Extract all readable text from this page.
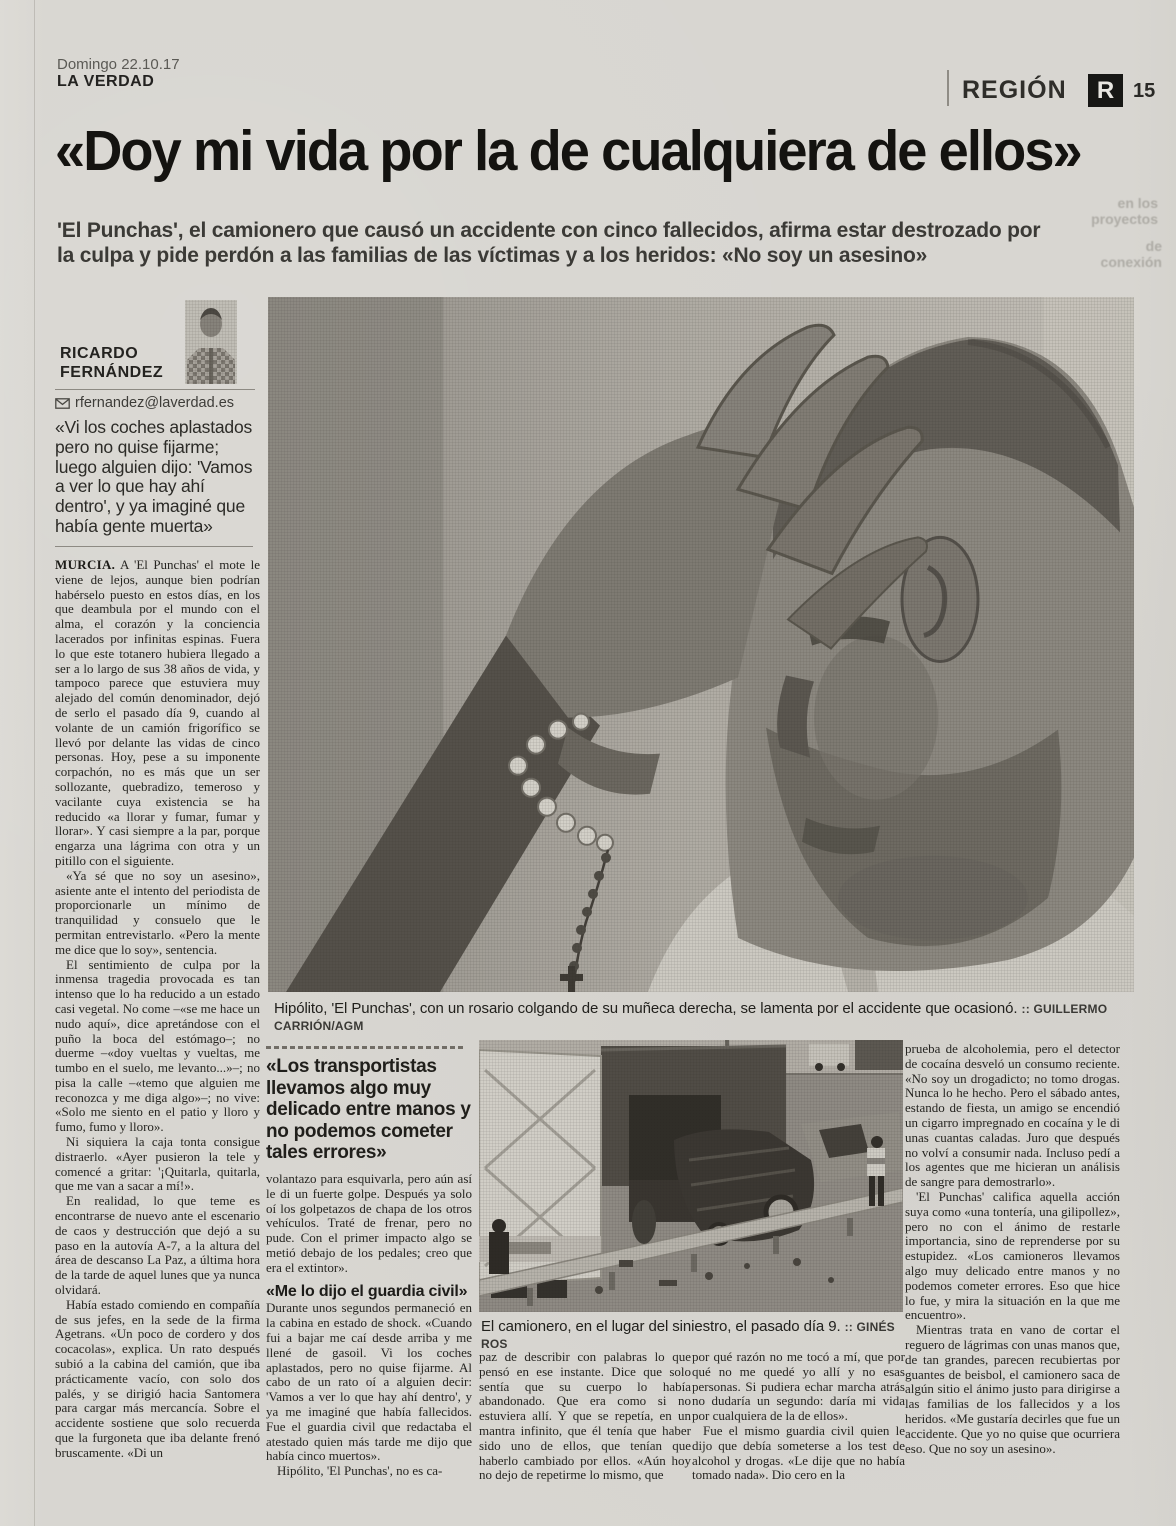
Domingo 22.10.17
LA VERDAD	REGIÓN	R 15
en los proyectos
de conexión
«Doy mi vida por la de cualquiera de ellos»

'El Punchas', el camionero que causó un accidente con cinco fallecidos, afirma estar destrozado por la culpa y pide perdón a las familias de las víctimas y a los heridos: «No soy un asesino»

RICARDO FERNÁNDEZ
rfernandez@laverdad.es
«Vi los coches aplastados pero no quise fijarme; luego alguien dijo: 'Vamos a ver lo que hay ahí dentro', y ya imaginé que había gente muerta»

MURCIA. A 'El Punchas' el mote le viene de lejos, aunque bien podrían habérselo puesto en estos días, en los que deambula por el mundo con el alma, el corazón y la conciencia lacerados por infinitas espinas. Fuera lo que este totanero hubiera llegado a ser a lo largo de sus 38 años de vida, y tampoco parece que estuviera muy alejado del común denominador, dejó de serlo el pasado día 9, cuando al volante de un camión frigorífico se llevó por delante las vidas de cinco personas. Hoy, pese a su imponente corpachón, no es más que un ser sollozante, quebradizo, temeroso y vacilante cuya existencia se ha reducido «a llorar y fumar, fumar y llorar». Y casi siempre a la par, porque engarza una lágrima con otra y un pitillo con el siguiente.

«Ya sé que no soy un asesino», asiente ante el intento del periodista de proporcionarle un mínimo de tranquilidad y consuelo que le permitan entrevistarlo. «Pero la mente me dice que lo soy», sentencia.

El sentimiento de culpa por la inmensa tragedia provocada es tan intenso que lo ha reducido a un estado casi vegetal. No come –«se me hace un nudo aquí», dice apretándose con el puño la boca del estómago–; no duerme –«doy vueltas y vueltas, me tumbo en el suelo, me levanto...»–; no pisa la calle –«temo que alguien me reconozca y me diga algo»–; no vive: «Solo me siento en el patio y lloro y fumo, fumo y lloro».

Ni siquiera la caja tonta consigue distraerlo. «Ayer pusieron la tele y comencé a gritar: '¡Quitarla, quitarla, que me van a sacar a mí!».

En realidad, lo que teme es encontrarse de nuevo ante el escenario de caos y destrucción que dejó a su paso en la autovía A-7, a la altura del área de descanso La Paz, a última hora de la tarde de aquel lunes que ya nunca olvidará.

Había estado comiendo en compañía de sus jefes, en la sede de la firma Agetrans. «Un poco de cordero y dos cocacolas», explica. Un rato después subió a la cabina del camión, que iba prácticamente vacío, con solo dos palés, y se dirigió hacia Santomera para cargar más mercancía. Sobre el accidente sostiene que solo recuerda que la furgoneta que iba delante frenó bruscamente. «Di un

Hipólito, 'El Punchas', con un rosario colgando de su muñeca derecha, se lamenta por el accidente que ocasionó. :: GUILLERMO CARRIÓN/AGM
«Los transportistas llevamos algo muy delicado entre manos y no podemos cometer tales errores»

volantazo para esquivarla, pero aún así le di un fuerte golpe. Después ya solo oí los golpetazos de chapa de los otros vehículos. Traté de frenar, pero no pude. Con el primer impacto algo se metió debajo de los pedales; creo que era el extintor».

«Me lo dijo el guardia civil»

Durante unos segundos permaneció en la cabina en estado de shock. «Cuando fui a bajar me caí desde arriba y me llené de gasoil. Vi los coches aplastados, pero no quise fijarme. Al cabo de un rato oí a alguien decir: 'Vamos a ver lo que hay ahí dentro', y ya me imaginé que había fallecidos. Fue el guardia civil que redactaba el atestado quien más tarde me dijo que había cinco muertos».

Hipólito, 'El Punchas', no es ca-

El camionero, en el lugar del siniestro, el pasado día 9. :: GINÉS ROS

paz de describir con palabras lo que pensó en ese instante. Dice que solo sentía que su cuerpo lo había abandonado. Que era como si no estuviera allí. Y que se repetía, en un mantra infinito, que él tenía que haber sido uno de ellos, que tenían que haberlo cambiado por ellos. «Aún hoy no dejo de repetirme lo mismo, que

por qué razón no me tocó a mí, que por qué no me quedé yo allí y no esas personas. Si pudiera echar marcha atrás no dudaría un segundo: daría mi vida por cualquiera de la de ellos».

Fue el mismo guardia civil quien le dijo que debía someterse a los test de alcohol y drogas. «Le dije que no había tomado nada». Dio cero en la

prueba de alcoholemia, pero el detector de cocaína desveló un consumo reciente. «No soy un drogadicto; no tomo drogas. Nunca lo he hecho. Pero el sábado antes, estando de fiesta, un amigo se encendió un cigarro impregnado en cocaína y le di unas cuantas caladas. Juro que después no volví a consumir nada. Incluso pedí a los agentes que me hicieran un análisis de sangre para demostrarlo».

'El Punchas' califica aquella acción suya como «una tontería, una gilipollez», pero no con el ánimo de restarle importancia, sino de reprenderse por su estupidez. «Los camioneros llevamos algo muy delicado entre manos y no podemos cometer errores. Eso que hice lo fue, y mira la situación en la que me encuentro».

Mientras trata en vano de cortar el reguero de lágrimas con unas manos que, de tan grandes, parecen recubiertas por guantes de beisbol, el camionero saca de algún sitio el ánimo justo para dirigirse a las familias de los fallecidos y a los heridos. «Me gustaría decirles que fue un accidente. Que yo no quise que ocurriera eso. Que no soy un asesino».
